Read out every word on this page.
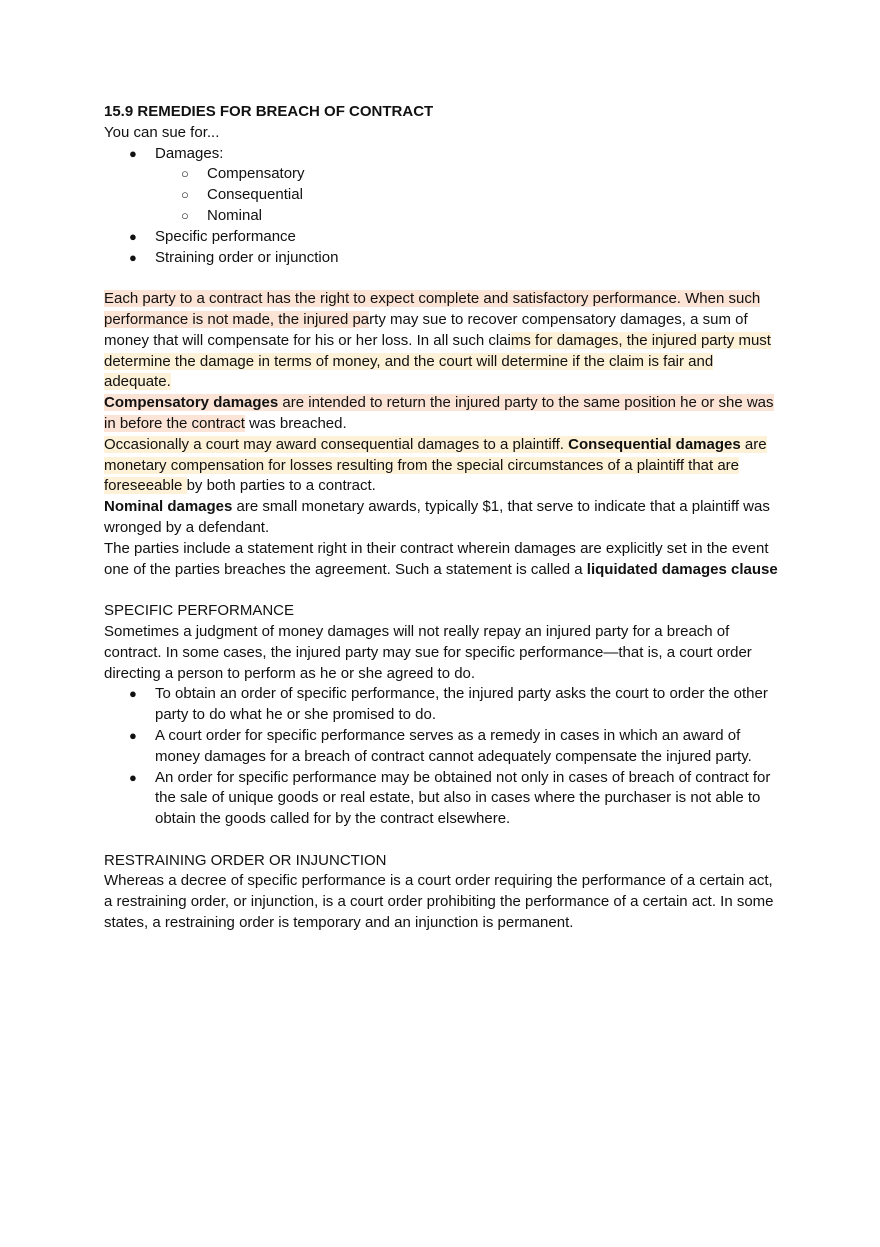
15.9 REMEDIES FOR BREACH OF CONTRACT

You can sue for...

● Damages:
○ Compensatory
○ Consequential
○ Nominal
● Specific performance
● Straining order or injunction

Each party to a contract has the right to expect complete and satisfactory performance. When such performance is not made, the injured party may sue to recover compensatory damages, a sum of money that will compensate for his or her loss. In all such claims for damages, the injured party must determine the damage in terms of money, and the court will determine if the claim is fair and adequate.

Compensatory damages are intended to return the injured party to the same position he or she was in before the contract was breached.

Occasionally a court may award consequential damages to a plaintiff. Consequential damages are monetary compensation for losses resulting from the special circumstances of a plaintiff that are foreseeable by both parties to a contract.

Nominal damages are small monetary awards, typically $1, that serve to indicate that a plaintiff was wronged by a defendant.

The parties include a statement right in their contract wherein damages are explicitly set in the event one of the parties breaches the agreement. Such a statement is called a liquidated damages clause

SPECIFIC PERFORMANCE

Sometimes a judgment of money damages will not really repay an injured party for a breach of contract. In some cases, the injured party may sue for specific performance—that is, a court order directing a person to perform as he or she agreed to do.

● To obtain an order of specific performance, the injured party asks the court to order the other party to do what he or she promised to do.
● A court order for specific performance serves as a remedy in cases in which an award of money damages for a breach of contract cannot adequately compensate the injured party.
● An order for specific performance may be obtained not only in cases of breach of contract for the sale of unique goods or real estate, but also in cases where the purchaser is not able to obtain the goods called for by the contract elsewhere.

RESTRAINING ORDER OR INJUNCTION

Whereas a decree of specific performance is a court order requiring the performance of a certain act, a restraining order, or injunction, is a court order prohibiting the performance of a certain act. In some states, a restraining order is temporary and an injunction is permanent.
